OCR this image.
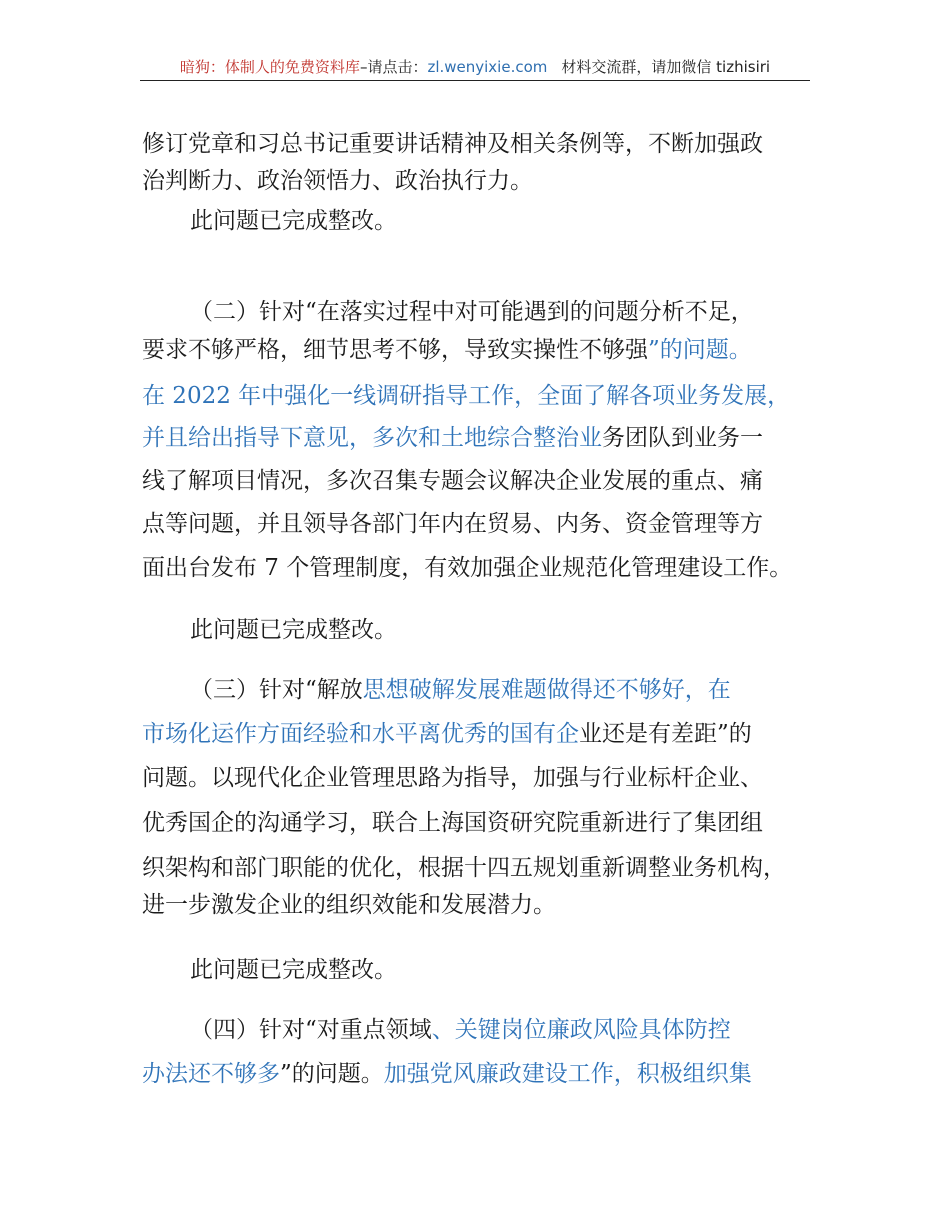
暗狗：体制人的免费资料库–请点击：zl.wenyixie.com 材料交流群，请加微信 tizhisiri
修订党章和习总书记重要讲话精神及相关条例等，不断加强政
治判断力、政治领悟力、政治执行力。
此问题已完成整改。
（二）针对“在落实过程中对可能遇到的问题分析不足，
要求不够严格，细节思考不够，导致实操性不够强”的问题。
在 2022 年中强化一线调研指导工作，全面了解各项业务发展，
并且给出指导下意见，多次和土地综合整治业务团队到业务一
线了解项目情况，多次召集专题会议解决企业发展的重点、痛
点等问题，并且领导各部门年内在贸易、内务、资金管理等方
面出台发布 7 个管理制度，有效加强企业规范化管理建设工作。
此问题已完成整改。
（三）针对“解放思想破解发展难题做得还不够好，在
市场化运作方面经验和水平离优秀的国有企业还是有差距”的
问题。以现代化企业管理思路为指导，加强与行业标杆企业、
优秀国企的沟通学习，联合上海国资研究院重新进行了集团组
织架构和部门职能的优化，根据十四五规划重新调整业务机构，
进一步激发企业的组织效能和发展潜力。
此问题已完成整改。
（四）针对“对重点领域、关键岗位廉政风险具体防控
办法还不够多”的问题。加强党风廉政建设工作，积极组织集
